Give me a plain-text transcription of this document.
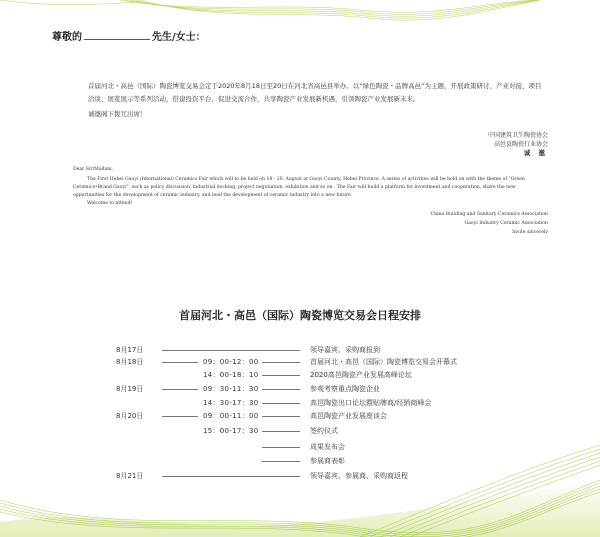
尊敬的	先生/女士：
首届河北・高邑（国际）陶瓷博览交易会定于2020年8月18日至20日在河北省高邑县举办。以“绿色陶瓷・品牌高邑”为主题，开展政策研讨、产业对接、项目洽谈、展览展示等系列活动，搭建投资平台，促进交流合作，共享陶瓷产业发展新机遇，引领陶瓷产业发展新未来。
诚邀阁下拨冗出席！
中国建筑卫生陶瓷协会
高邑县陶瓷行业协会
诚 邀
Dear Sir/Madam,
The First Hebei Gaoyi (International) Ceramics Fair which will to be held on 18 - 20, August at Gaoyi County, Hebei Province. A series of activities will be hold on with the theme of "Green Ceramics•Brand Gaoyi", such as policy discussion, industrial docking, project negotiation, exhibition and so on . The Fair will build a platform for investment and cooperation, share the new opportunities for the development of ceramic industry, and lead the development of ceramic industry into a new future.
Welcome to attend!
China Building and Sanitary Ceramics Association
Gaoyi Industry Ceramic Association
Invite sincerely
首届河北・高邑（国际）陶瓷博览交易会日程安排
8月17日	领导嘉宾、采购商报到
8月18日	09：00-12：00	首届河北・高邑（国际）陶瓷博览交易会开幕式
14：00-18：10	2020高邑陶瓷产业发展高峰论坛
8月19日	09：30-11：30	参观考察重点陶瓷企业
14：30-17：30	高邑陶瓷出口论坛暨贴牌商/经销商峰会
8月20日	09：00-11：00	高邑陶瓷产业发展座谈会
15：00-17：30	签约仪式
成果发布会
参展商表彰
8月21日	领导嘉宾、参展商、采购商返程
